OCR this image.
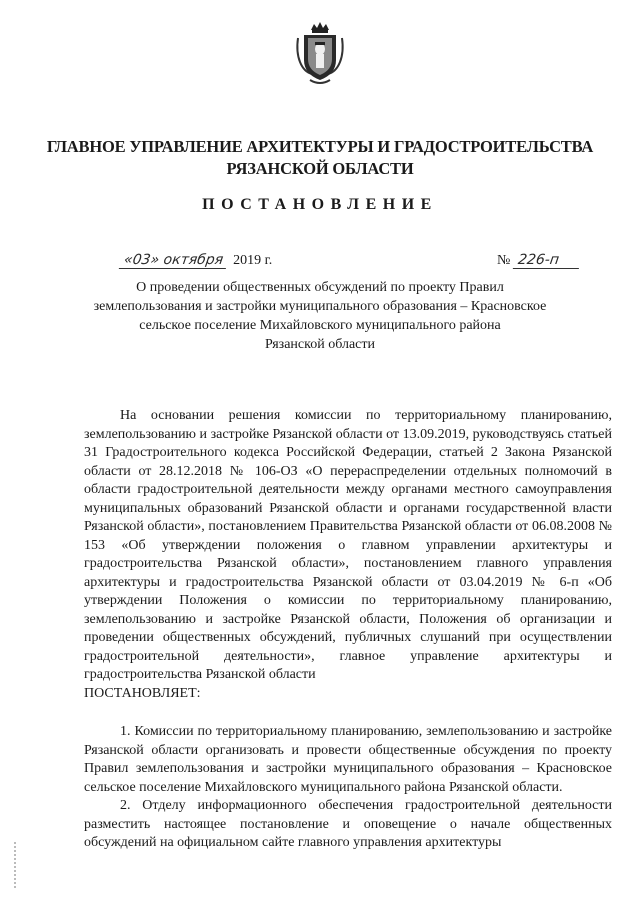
ГЛАВНОЕ УПРАВЛЕНИЕ АРХИТЕКТУРЫ И ГРАДОСТРОИТЕЛЬСТВА
РЯЗАНСКОЙ ОБЛАСТИ
ПОСТАНОВЛЕНИЕ
«03» октября 2019 г.	№ 226-п
О проведении общественных обсуждений по проекту Правил
землепользования и застройки муниципального образования – Красновское
сельское поселение Михайловского муниципального района
Рязанской области

На основании решения комиссии по территориальному планированию, землепользованию и застройке Рязанской области от 13.09.2019, руководствуясь статьей 31 Градостроительного кодекса Российской Федерации, статьей 2 Закона Рязанской области от 28.12.2018 № 106-ОЗ «О перераспределении отдельных полномочий в области градостроительной деятельности между органами местного самоуправления муниципальных образований Рязанской области и органами государственной власти Рязанской области», постановлением Правительства Рязанской области от 06.08.2008 № 153 «Об утверждении положения о главном управлении архитектуры и градостроительства Рязанской области», постановлением главного управления архитектуры и градостроительства Рязанской области от 03.04.2019 № 6-п «Об утверждении Положения о комиссии по территориальному планированию, землепользованию и застройке Рязанской области, Положения об организации и проведении общественных обсуждений, публичных слушаний при осуществлении градостроительной деятельности», главное управление архитектуры и градостроительства Рязанской области

ПОСТАНОВЛЯЕТ:

1. Комиссии по территориальному планированию, землепользованию и застройке Рязанской области организовать и провести общественные обсуждения по проекту Правил землепользования и застройки муниципального образования – Красновское сельское поселение Михайловского муниципального района Рязанской области.

2. Отделу информационного обеспечения градостроительной деятельности разместить настоящее постановление и оповещение о начале общественных обсуждений на официальном сайте главного управления архитектуры
